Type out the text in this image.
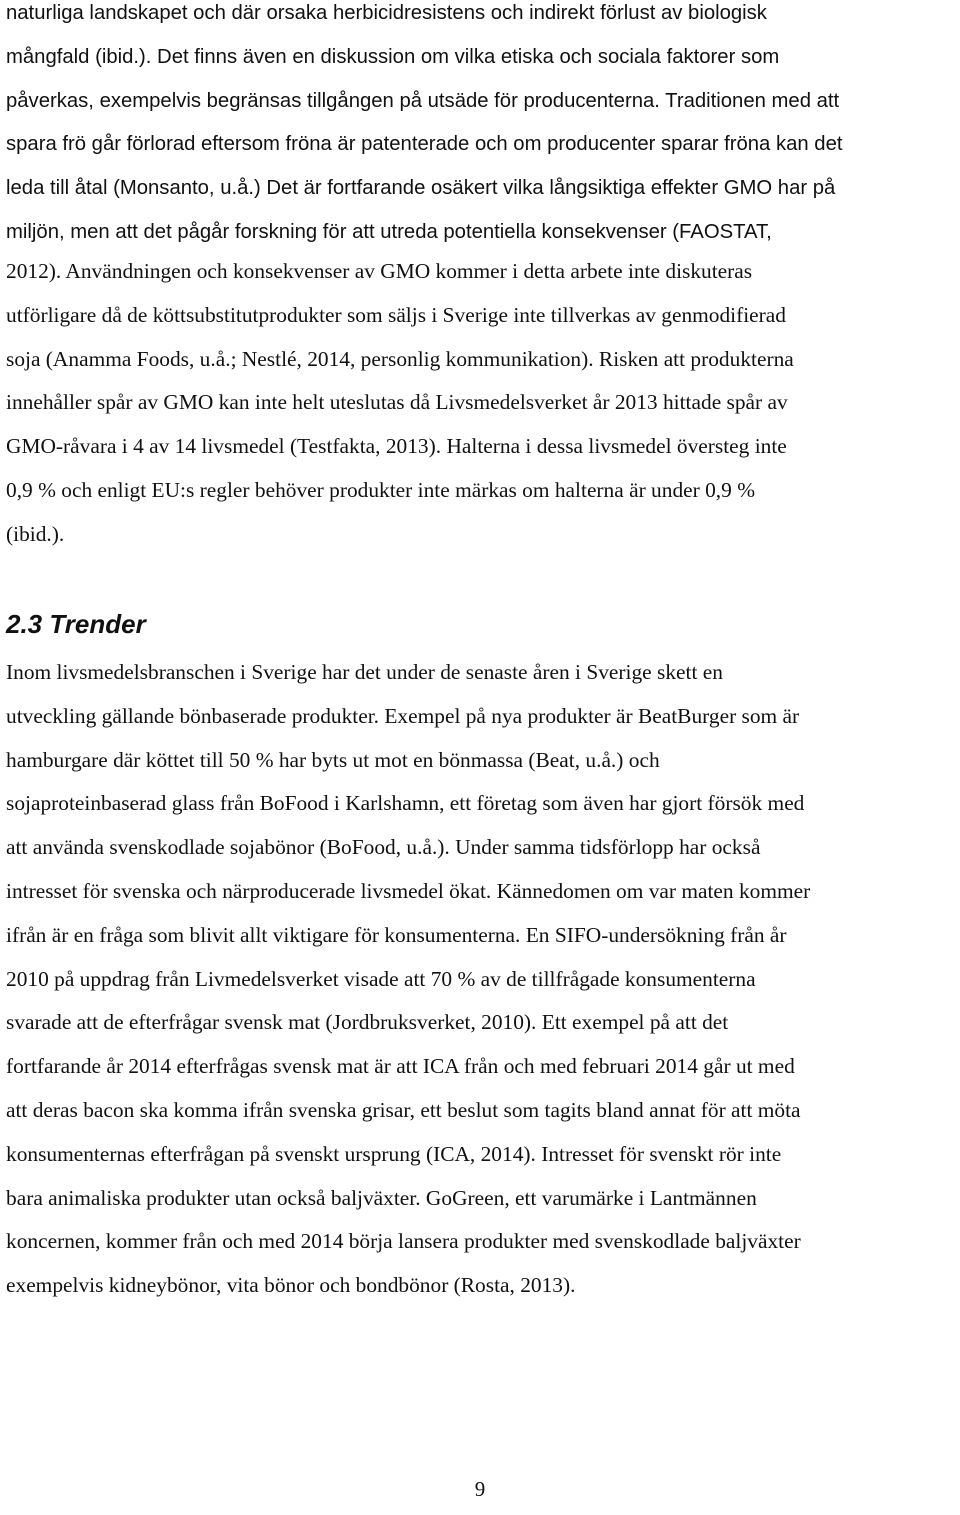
naturliga landskapet och där orsaka herbicidresistens och indirekt förlust av biologisk
mångfald (ibid.). Det finns även en diskussion om vilka etiska och sociala faktorer som
påverkas, exempelvis begränsas tillgången på utsäde för producenterna. Traditionen med att
spara frö går förlorad eftersom fröna är patenterade och om producenter sparar fröna kan det
leda till åtal (Monsanto, u.å.) Det är fortfarande osäkert vilka långsiktiga effekter GMO har på
miljön, men att det pågår forskning för att utreda potentiella konsekvenser (FAOSTAT,
2012). Användningen och konsekvenser av GMO kommer i detta arbete inte diskuteras
utförligare då de köttsubstitutprodukter som säljs i Sverige inte tillverkas av genmodifierad
soja (Anamma Foods, u.å.; Nestlé, 2014, personlig kommunikation). Risken att produkterna
innehåller spår av GMO kan inte helt uteslutas då Livsmedelsverket år 2013 hittade spår av
GMO-råvara i 4 av 14 livsmedel (Testfakta, 2013). Halterna i dessa livsmedel översteg inte
0,9 % och enligt EU:s regler behöver produkter inte märkas om halterna är under 0,9 %
(ibid.).
2.3 Trender
Inom livsmedelsbranschen i Sverige har det under de senaste åren i Sverige skett en
utveckling gällande bönbaserade produkter. Exempel på nya produkter är BeatBurger som är
hamburgare där köttet till 50 % har byts ut mot en bönmassa (Beat, u.å.) och
sojaproteinbaserad glass från BoFood i Karlshamn, ett företag som även har gjort försök med
att använda svenskodlade sojabönor (BoFood, u.å.). Under samma tidsförlopp har också
intresset för svenska och närproducerade livsmedel ökat. Kännedomen om var maten kommer
ifrån är en fråga som blivit allt viktigare för konsumenterna. En SIFO-undersökning från år
2010 på uppdrag från Livmedelsverket visade att 70 % av de tillfrågade konsumenterna
svarade att de efterfrågar svensk mat (Jordbruksverket, 2010). Ett exempel på att det
fortfarande år 2014 efterfrågas svensk mat är att ICA från och med februari 2014 går ut med
att deras bacon ska komma ifrån svenska grisar, ett beslut som tagits bland annat för att möta
konsumenternas efterfrågan på svenskt ursprung (ICA, 2014). Intresset för svenskt rör inte
bara animaliska produkter utan också baljväxter. GoGreen, ett varumärke i Lantmännen
koncernen, kommer från och med 2014 börja lansera produkter med svenskodlade baljväxter
exempelvis kidneybönor, vita bönor och bondbönor (Rosta, 2013).
9
